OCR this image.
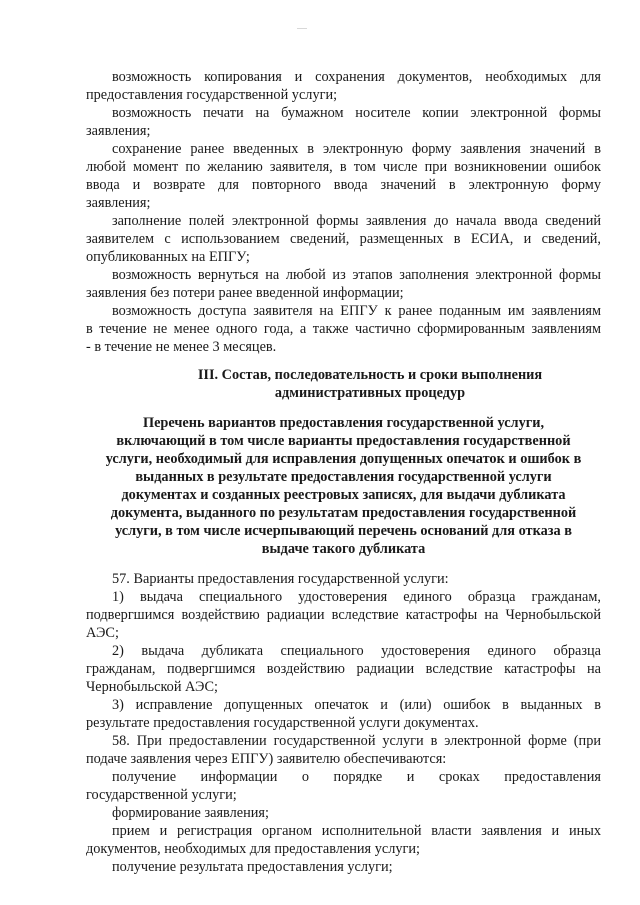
возможность копирования и сохранения документов, необходимых для
предоставления государственной услуги;
возможность печати на бумажном носителе копии электронной формы
заявления;
сохранение ранее введенных в электронную форму заявления значений в
любой момент по желанию заявителя, в том числе при возникновении ошибок
ввода и возврате для повторного ввода значений в электронную форму
заявления;
заполнение полей электронной формы заявления до начала ввода сведений
заявителем с использованием сведений, размещенных в ЕСИА, и сведений,
опубликованных на ЕПГУ;
возможность вернуться на любой из этапов заполнения электронной формы
заявления без потери ранее введенной информации;
возможность доступа заявителя на ЕПГУ к ранее поданным им заявлениям
в течение не менее одного года, а также частично сформированным заявлениям
- в течение не менее 3 месяцев.
III. Состав, последовательность и сроки выполнения
административных процедур
Перечень вариантов предоставления государственной услуги,
включающий в том числе варианты предоставления государственной
услуги, необходимый для исправления допущенных опечаток и ошибок в
выданных в результате предоставления государственной услуги
документах и созданных реестровых записях, для выдачи дубликата
документа, выданного по результатам предоставления государственной
услуги, в том числе исчерпывающий перечень оснований для отказа в
выдаче такого дубликата
57. Варианты предоставления государственной услуги:
1) выдача специального удостоверения единого образца гражданам,
подвергшимся воздействию радиации вследствие катастрофы на Чернобыльской
АЭС;
2) выдача дубликата специального удостоверения единого образца
гражданам, подвергшимся воздействию радиации вследствие катастрофы на
Чернобыльской АЭС;
3) исправление допущенных опечаток и (или) ошибок в выданных в
результате предоставления государственной услуги документах.
58. При предоставлении государственной услуги в электронной форме (при
подаче заявления через ЕПГУ) заявителю обеспечиваются:
получение информации о порядке и сроках предоставления
государственной услуги;
формирование заявления;
прием и регистрация органом исполнительной власти заявления и иных
документов, необходимых для предоставления услуги;
получение результата предоставления услуги;
